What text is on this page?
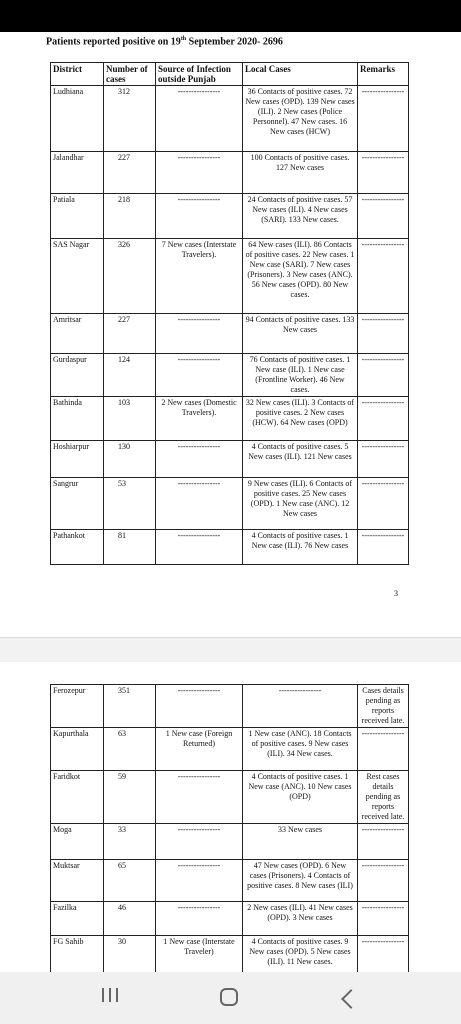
Patients reported positive on 19th September 2020- 2696
District	Number of cases	Source of Infection outside Punjab	Local Cases	Remarks
Ludhiana	312	----------------	36 Contacts of positive cases. 72 New cases (OPD). 139 New cases (ILI). 2 New cases (Police Personnel). 47 New cases. 16 New cases (HCW)	----------------
Jalandhar	227	----------------	100 Contacts of positive cases. 127 New cases	----------------
Patiala	218	----------------	24 Contacts of positive cases. 57 New cases (ILI). 4 New cases (SARI). 133 New cases.	----------------
SAS Nagar	326	7 New cases (Interstate Travelers).	64 New cases (ILI). 86 Contacts of positive cases. 22 New cases. 1 New case (SARI). 7 New cases (Prisoners). 3 New cases (ANC). 56 New cases (OPD). 80 New cases.	----------------
Amritsar	227	----------------	94 Contacts of positive cases. 133 New cases	----------------
Gurdaspur	124	----------------	76 Contacts of positive cases. 1 New case (ILI). 1 New case (Frontline Worker). 46 New cases.	----------------
Bathinda	103	2 New cases (Domestic Travelers).	32 New cases (ILI). 3 Contacts of positive cases. 2 New cases (HCW). 64 New cases (OPD)	----------------
Hoshiarpur	130	----------------	4 Contacts of positive cases. 5 New cases (ILI). 121 New cases	----------------
Sangrur	53	----------------	9 New cases (ILI). 6 Contacts of positive cases. 25 New cases (OPD). 1 New case (ANC). 12 New cases	----------------
Pathankot	81	----------------	4 Contacts of positive cases. 1 New case (ILI). 76 New cases	----------------
3
Ferozepur	351	----------------	----------------	Cases details pending as reports received late.
Kapurthala	63	1 New case (Foreign Returned)	1 New case (ANC). 18 Contacts of positive cases. 9 New cases (ILI). 34 New cases.	----------------
Faridkot	59	----------------	4 Contacts of positive cases. 1 New case (ANC). 10 New cases (OPD)	Rest cases details pending as reports received late.
Moga	33	----------------	33 New cases	----------------
Muktsar	65	----------------	47 New cases (OPD). 6 New cases (Prisoners). 4 Contacts of positive cases. 8 New cases (ILI)	----------------
Fazilka	46	----------------	2 New cases (ILI). 41 New cases (OPD). 3 New cases	----------------
FG Sahib	30	1 New case (Interstate Traveler)	4 Contacts of positive cases. 9 New cases (OPD). 5 New cases (ILI). 11 New cases.	----------------
